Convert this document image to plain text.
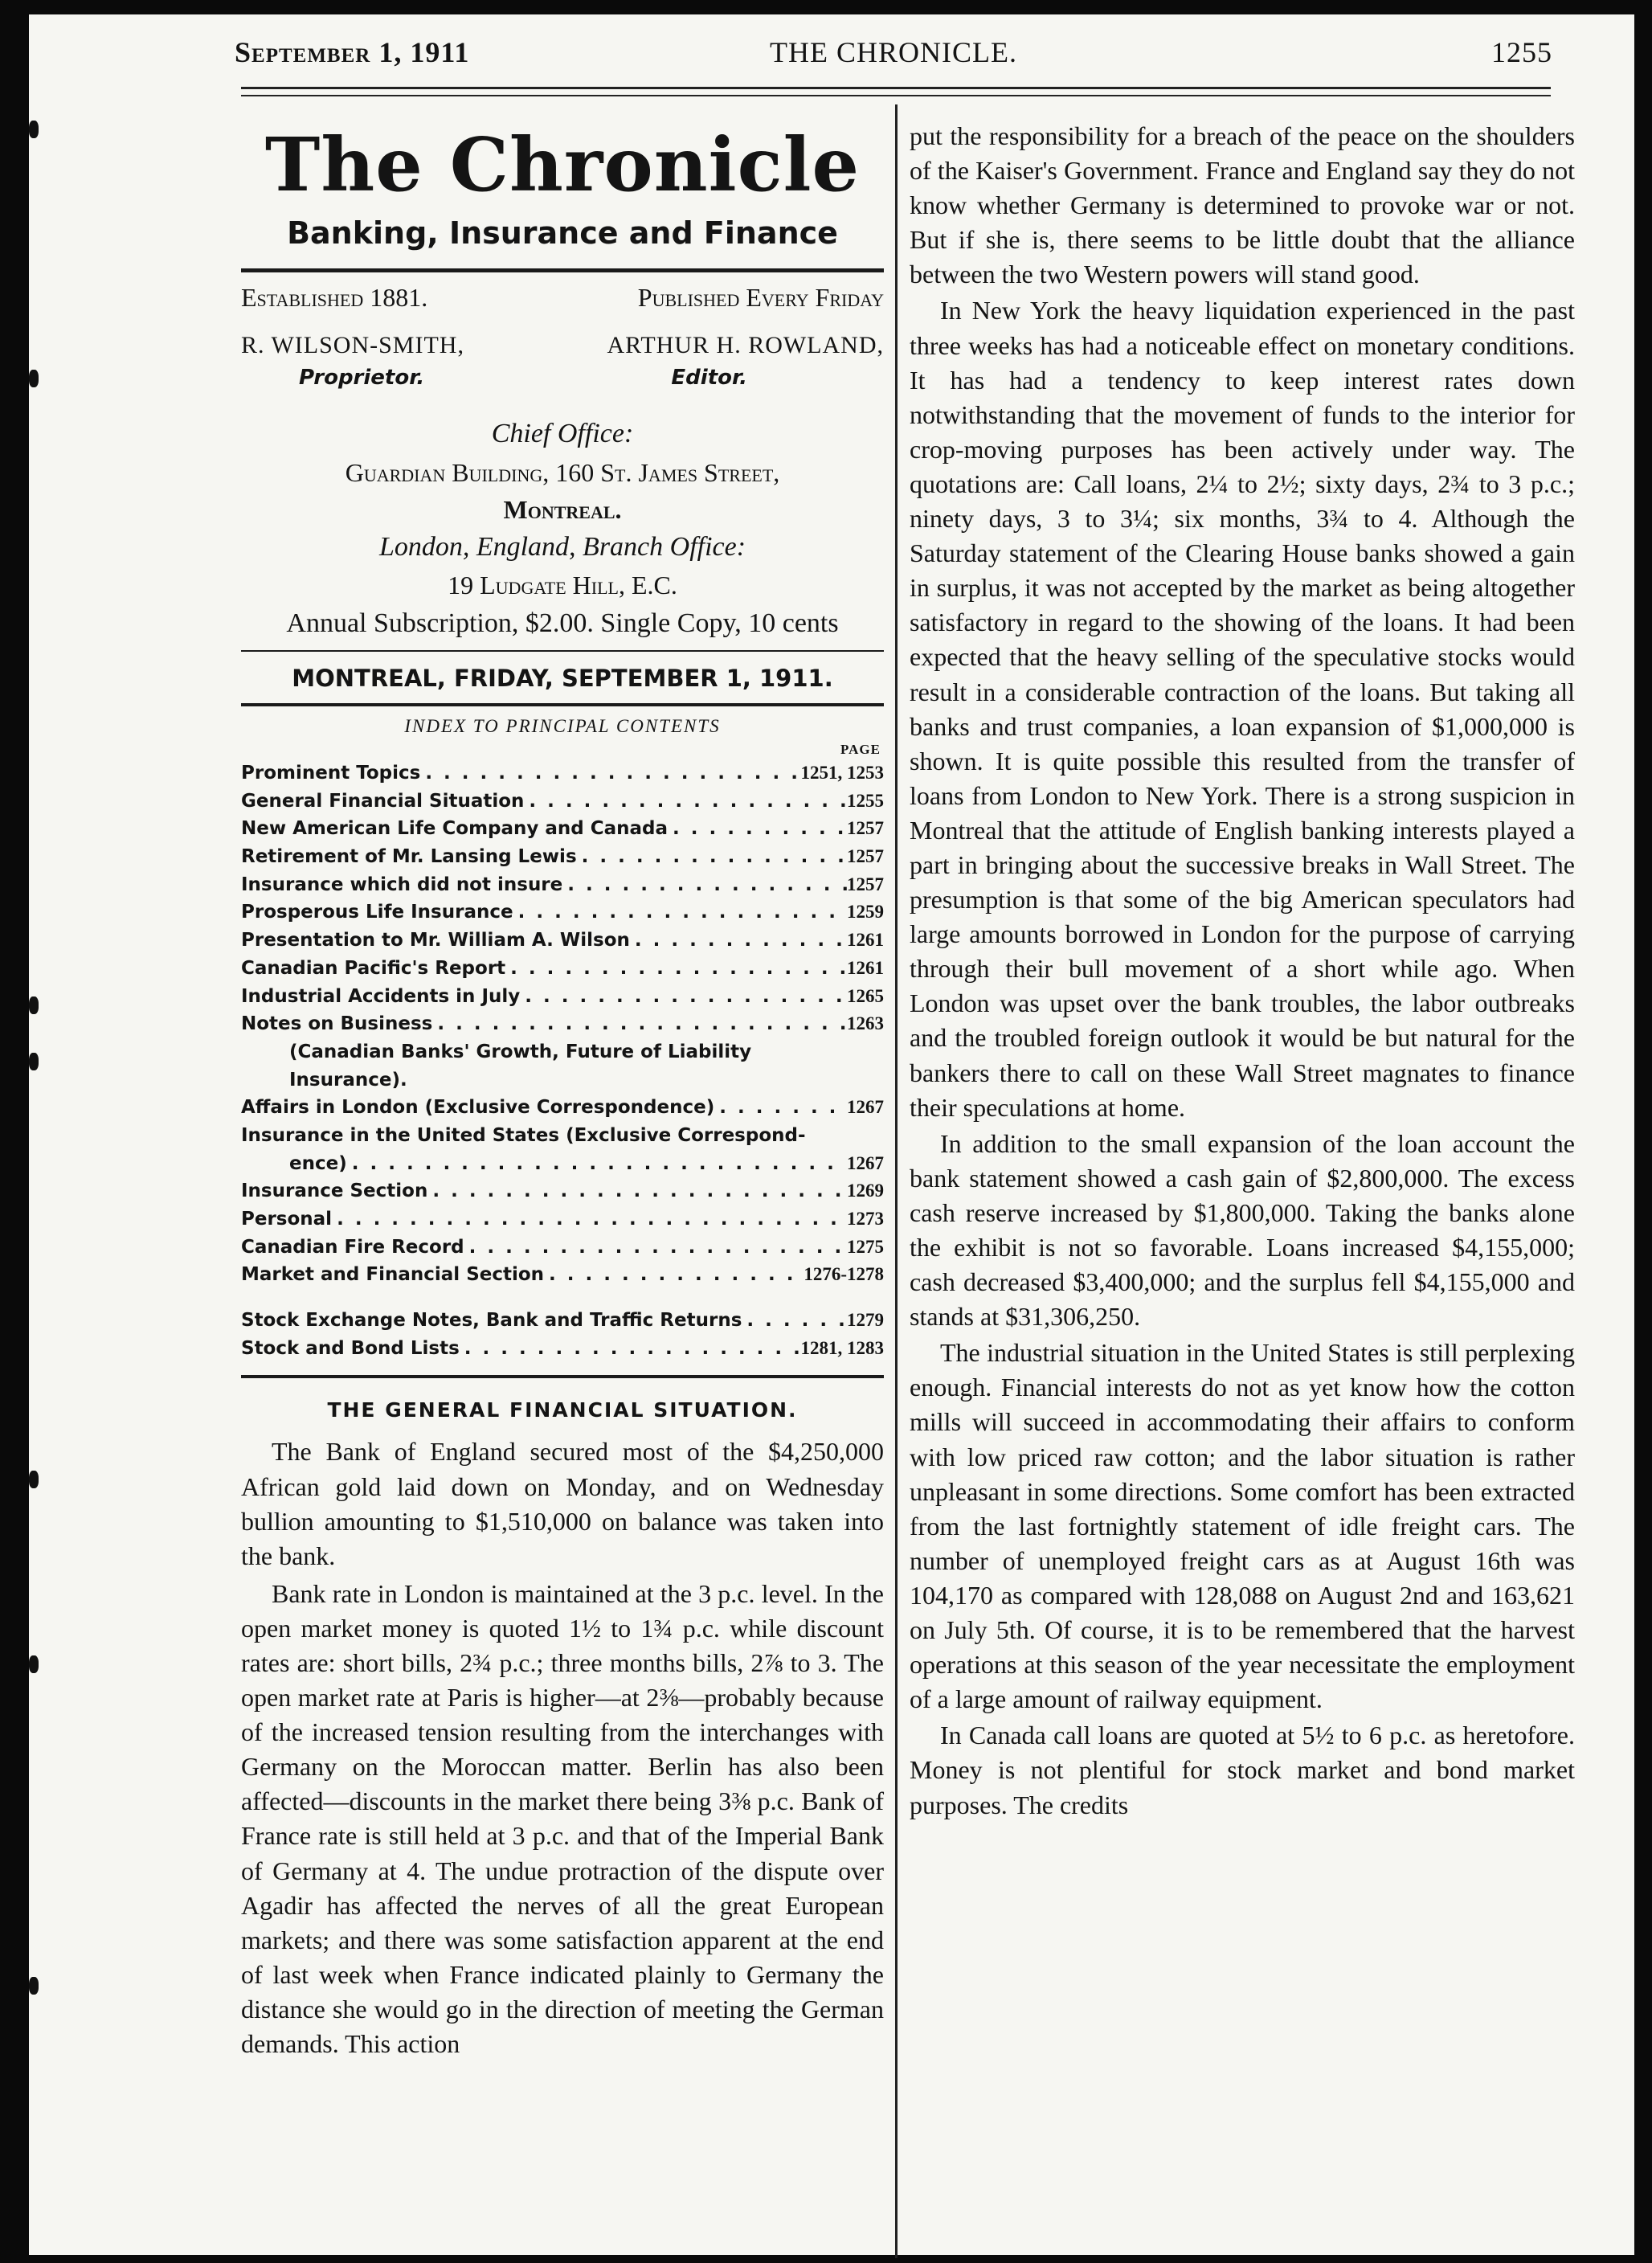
THE CHRONICLE.
September 1, 1911	1255
The Chronicle
Banking, Insurance and Finance
Established 1881.	Published Every Friday
R. WILSON-SMITH,	ARTHUR H. ROWLAND,
Proprietor.	Editor.
Chief Office:
Guardian Building, 160 St. James Street,
Montreal.
London, England, Branch Office:
19 Ludgate Hill, E.C.
Annual Subscription, $2.00. Single Copy, 10 cents
MONTREAL, FRIDAY, SEPTEMBER 1, 1911.
INDEX TO PRINCIPAL CONTENTS
PAGE
Prominent Topics . . .	1251, 1253
General Financial Situation . . .	1255
New American Life Company and Canada . . .	1257
Retirement of Mr. Lansing Lewis . . .	1257
Insurance which did not insure . . .	1257
Prosperous Life Insurance . . .	1259
Presentation to Mr. William A. Wilson . . .	1261
Canadian Pacific's Report . . .	1261
Industrial Accidents in July . . .	1265
Notes on Business . . .	1263
(Canadian Banks' Growth, Future of Liability
Insurance).
Affairs in London (Exclusive Correspondence) . . .	1267
Insurance in the United States (Exclusive Correspond-
ence) . . .	1267
Insurance Section . . .	1269
Personal . . .	1273
Canadian Fire Record . . .	1275
Market and Financial Section . . .	1276-1278
Stock Exchange Notes, Bank and Traffic Returns . . .	1279
Stock and Bond Lists . . .	1281, 1283
THE GENERAL FINANCIAL SITUATION.

The Bank of England secured most of the $4,250,000 African gold laid down on Monday, and on Wednesday bullion amounting to $1,510,000 on balance was taken into the bank.

Bank rate in London is maintained at the 3 p.c. level. In the open market money is quoted 1½ to 1¾ p.c. while discount rates are: short bills, 2¾ p.c.; three months bills, 2⅞ to 3. The open market rate at Paris is higher—at 2⅜—probably because of the increased tension resulting from the interchanges with Germany on the Moroccan matter. Berlin has also been affected—discounts in the market there being 3⅜ p.c. Bank of France rate is still held at 3 p.c. and that of the Imperial Bank of Germany at 4. The undue protraction of the dispute over Agadir has affected the nerves of all the great European markets; and there was some satisfaction apparent at the end of last week when France indicated plainly to Germany the distance she would go in the direction of meeting the German demands. This action

put the responsibility for a breach of the peace on the shoulders of the Kaiser's Government. France and England say they do not know whether Germany is determined to provoke war or not. But if she is, there seems to be little doubt that the alliance between the two Western powers will stand good.

In New York the heavy liquidation experienced in the past three weeks has had a noticeable effect on monetary conditions. It has had a tendency to keep interest rates down notwithstanding that the movement of funds to the interior for crop-moving purposes has been actively under way. The quotations are: Call loans, 2¼ to 2½; sixty days, 2¾ to 3 p.c.; ninety days, 3 to 3¼; six months, 3¾ to 4. Although the Saturday statement of the Clearing House banks showed a gain in surplus, it was not accepted by the market as being altogether satisfactory in regard to the showing of the loans. It had been expected that the heavy selling of the speculative stocks would result in a considerable contraction of the loans. But taking all banks and trust companies, a loan expansion of $1,000,000 is shown. It is quite possible this resulted from the transfer of loans from London to New York. There is a strong suspicion in Montreal that the attitude of English banking interests played a part in bringing about the successive breaks in Wall Street. The presumption is that some of the big American speculators had large amounts borrowed in London for the purpose of carrying through their bull movement of a short while ago. When London was upset over the bank troubles, the labor outbreaks and the troubled foreign outlook it would be but natural for the bankers there to call on these Wall Street magnates to finance their speculations at home.

In addition to the small expansion of the loan account the bank statement showed a cash gain of $2,800,000. The excess cash reserve increased by $1,800,000. Taking the banks alone the exhibit is not so favorable. Loans increased $4,155,000; cash decreased $3,400,000; and the surplus fell $4,155,000 and stands at $31,306,250.

The industrial situation in the United States is still perplexing enough. Financial interests do not as yet know how the cotton mills will succeed in accommodating their affairs to conform with low priced raw cotton; and the labor situation is rather unpleasant in some directions. Some comfort has been extracted from the last fortnightly statement of idle freight cars. The number of unemployed freight cars as at August 16th was 104,170 as compared with 128,088 on August 2nd and 163,621 on July 5th. Of course, it is to be remembered that the harvest operations at this season of the year necessitate the employment of a large amount of railway equipment.

In Canada call loans are quoted at 5½ to 6 p.c. as heretofore. Money is not plentiful for stock market and bond market purposes. The credits
